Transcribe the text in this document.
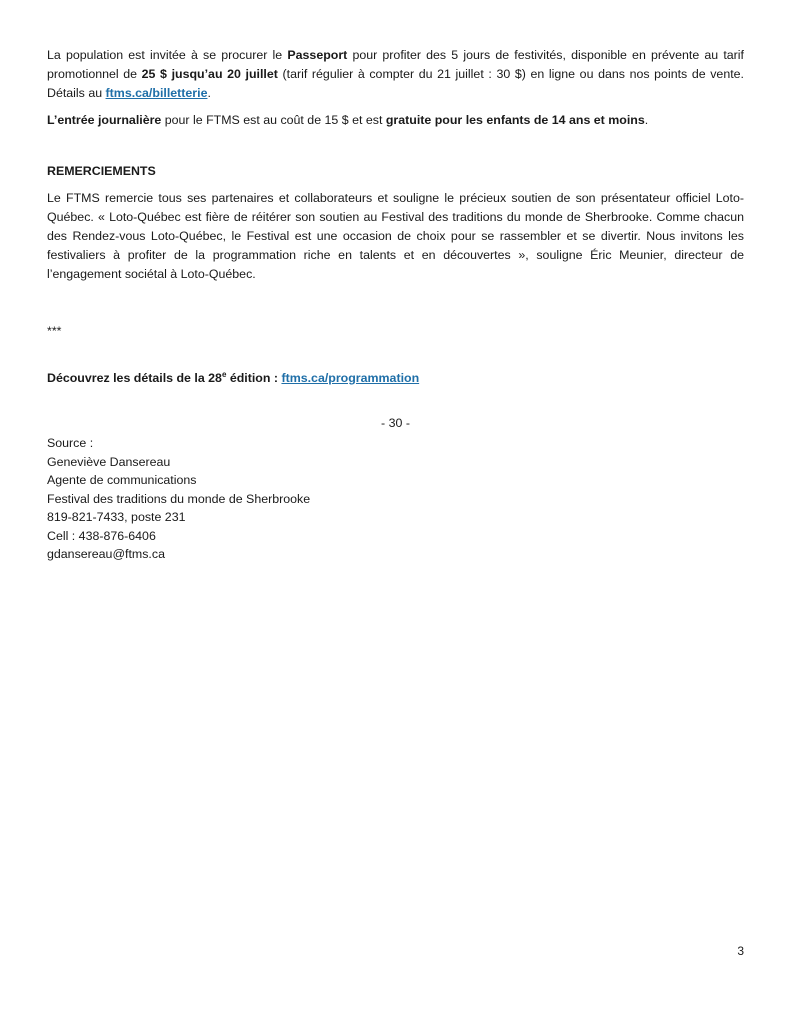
La population est invitée à se procurer le Passeport pour profiter des 5 jours de festivités, disponible en prévente au tarif promotionnel de 25 $ jusqu’au 20 juillet (tarif régulier à compter du 21 juillet : 30 $) en ligne ou dans nos points de vente. Détails au ftms.ca/billetterie.

L’entrée journalière pour le FTMS est au coût de 15 $ et est gratuite pour les enfants de 14 ans et moins.

REMERCIEMENTS

Le FTMS remercie tous ses partenaires et collaborateurs et souligne le précieux soutien de son présentateur officiel Loto-Québec. « Loto-Québec est fière de réitérer son soutien au Festival des traditions du monde de Sherbrooke. Comme chacun des Rendez-vous Loto-Québec, le Festival est une occasion de choix pour se rassembler et se divertir. Nous invitons les festivaliers à profiter de la programmation riche en talents et en découvertes », souligne Éric Meunier, directeur de l’engagement sociétal à Loto-Québec.

***

Découvrez les détails de la 28e édition : ftms.ca/programmation

- 30 -

Source :
Geneviève Dansereau
Agente de communications
Festival des traditions du monde de Sherbrooke
819-821-7433, poste 231
Cell : 438-876-6406
gdansereau@ftms.ca
3
